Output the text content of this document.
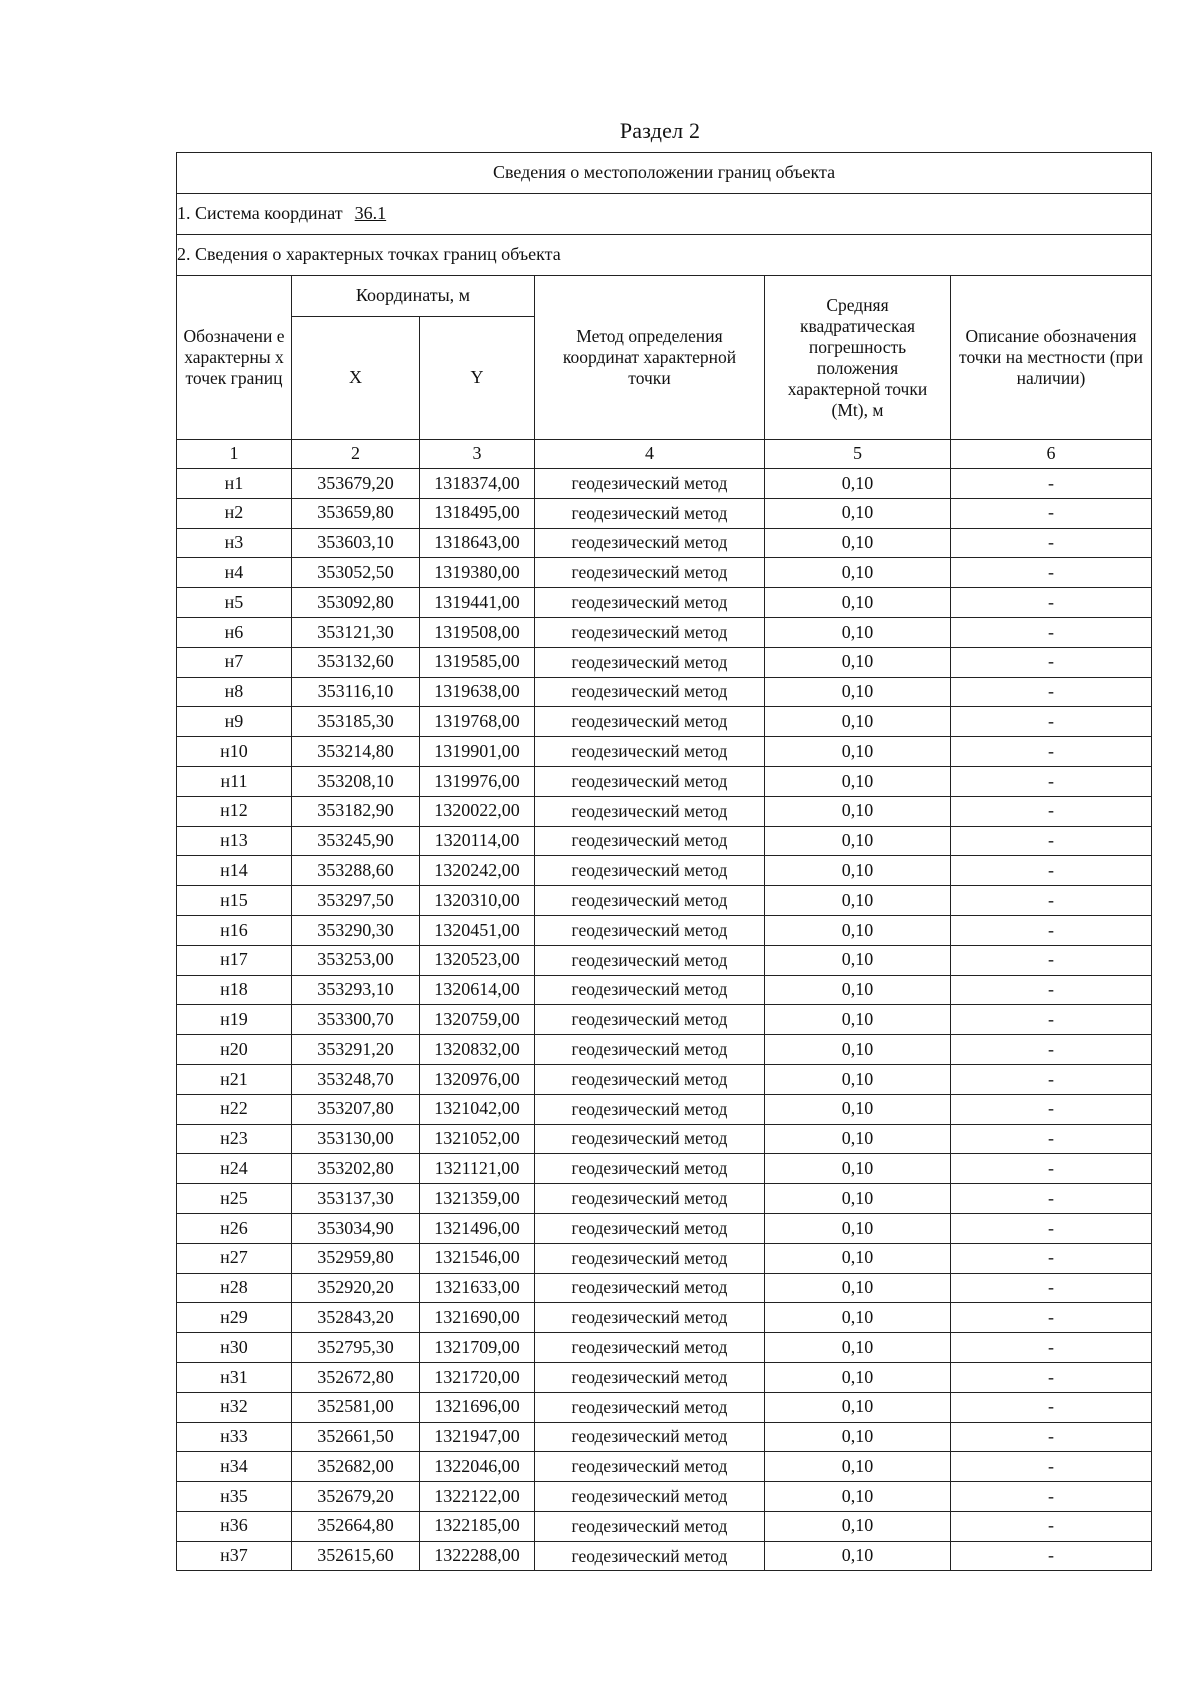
Раздел 2
Сведения о местоположении границ объекта					
1. Система координат 36.1					
2. Сведения о характерных точках границ объекта					
Обозначени е характерны х точек границ	Координаты, м		Метод определения координат характерной точки	Средняя квадратическая погрешность положения характерной точки (Mt), м	Описание обозначения точки на местности (при наличии)
	X	Y			
1	2	3	4	5	6
н1	353679,20	1318374,00	геодезический метод	0,10	-
н2	353659,80	1318495,00	геодезический метод	0,10	-
н3	353603,10	1318643,00	геодезический метод	0,10	-
н4	353052,50	1319380,00	геодезический метод	0,10	-
н5	353092,80	1319441,00	геодезический метод	0,10	-
н6	353121,30	1319508,00	геодезический метод	0,10	-
н7	353132,60	1319585,00	геодезический метод	0,10	-
н8	353116,10	1319638,00	геодезический метод	0,10	-
н9	353185,30	1319768,00	геодезический метод	0,10	-
н10	353214,80	1319901,00	геодезический метод	0,10	-
н11	353208,10	1319976,00	геодезический метод	0,10	-
н12	353182,90	1320022,00	геодезический метод	0,10	-
н13	353245,90	1320114,00	геодезический метод	0,10	-
н14	353288,60	1320242,00	геодезический метод	0,10	-
н15	353297,50	1320310,00	геодезический метод	0,10	-
н16	353290,30	1320451,00	геодезический метод	0,10	-
н17	353253,00	1320523,00	геодезический метод	0,10	-
н18	353293,10	1320614,00	геодезический метод	0,10	-
н19	353300,70	1320759,00	геодезический метод	0,10	-
н20	353291,20	1320832,00	геодезический метод	0,10	-
н21	353248,70	1320976,00	геодезический метод	0,10	-
н22	353207,80	1321042,00	геодезический метод	0,10	-
н23	353130,00	1321052,00	геодезический метод	0,10	-
н24	353202,80	1321121,00	геодезический метод	0,10	-
н25	353137,30	1321359,00	геодезический метод	0,10	-
н26	353034,90	1321496,00	геодезический метод	0,10	-
н27	352959,80	1321546,00	геодезический метод	0,10	-
н28	352920,20	1321633,00	геодезический метод	0,10	-
н29	352843,20	1321690,00	геодезический метод	0,10	-
н30	352795,30	1321709,00	геодезический метод	0,10	-
н31	352672,80	1321720,00	геодезический метод	0,10	-
н32	352581,00	1321696,00	геодезический метод	0,10	-
н33	352661,50	1321947,00	геодезический метод	0,10	-
н34	352682,00	1322046,00	геодезический метод	0,10	-
н35	352679,20	1322122,00	геодезический метод	0,10	-
н36	352664,80	1322185,00	геодезический метод	0,10	-
н37	352615,60	1322288,00	геодезический метод	0,10	-
